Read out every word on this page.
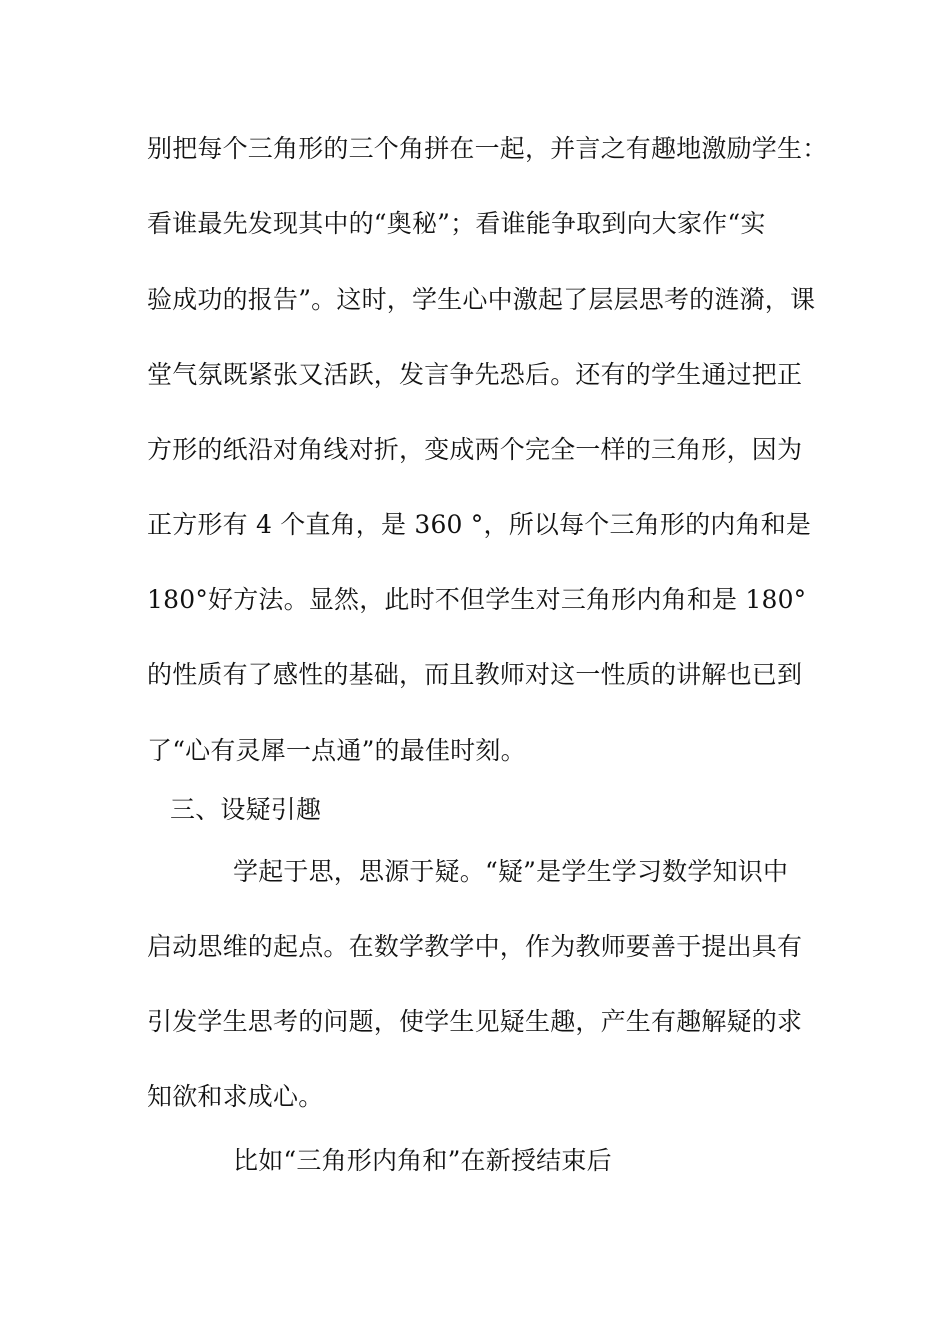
别把每个三角形的三个角拼在一起，并言之有趣地激励学生：
看谁最先发现其中的“奥秘”；看谁能争取到向大家作“实
验成功的报告”。这时，学生心中激起了层层思考的涟漪，课
堂气氛既紧张又活跃，发言争先恐后。还有的学生通过把正
方形的纸沿对角线对折，变成两个完全一样的三角形，因为
正方形有 4 个直角，是 360 °，所以每个三角形的内角和是
180°好方法。显然，此时不但学生对三角形内角和是 180°
的性质有了感性的基础，而且教师对这一性质的讲解也已到
了“心有灵犀一点通”的最佳时刻。
三、设疑引趣
学起于思，思源于疑。“疑”是学生学习数学知识中
启动思维的起点。在数学教学中，作为教师要善于提出具有
引发学生思考的问题，使学生见疑生趣，产生有趣解疑的求
知欲和求成心。
比如“三角形内角和”在新授结束后
